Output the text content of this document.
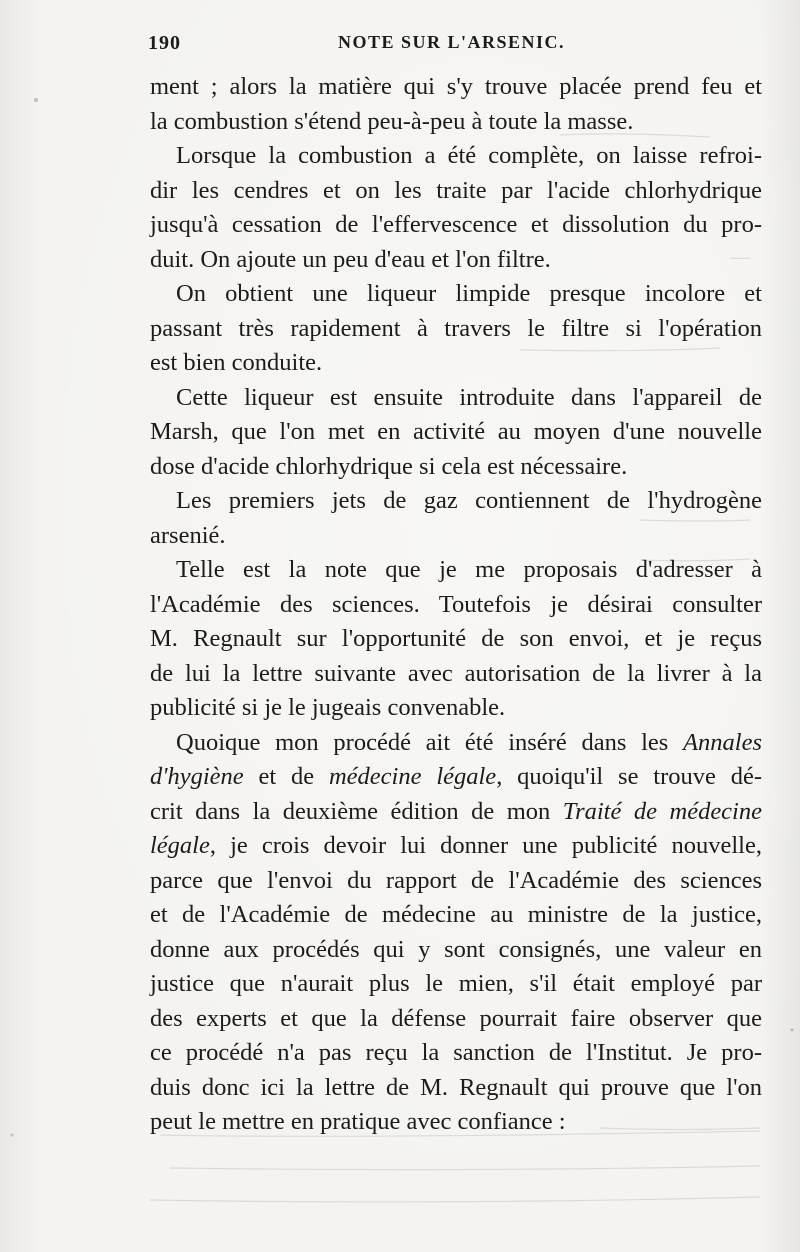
190	NOTE SUR L'ARSENIC.
ment ; alors la matière qui s'y trouve placée prend feu et
la combustion s'étend peu-à-peu à toute la masse.
Lorsque la combustion a été complète, on laisse refroi-
dir les cendres et on les traite par l'acide chlorhydrique
jusqu'à cessation de l'effervescence et dissolution du pro-
duit. On ajoute un peu d'eau et l'on filtre.
On obtient une liqueur limpide presque incolore et
passant très rapidement à travers le filtre si l'opération
est bien conduite.
Cette liqueur est ensuite introduite dans l'appareil de
Marsh, que l'on met en activité au moyen d'une nouvelle
dose d'acide chlorhydrique si cela est nécessaire.
Les premiers jets de gaz contiennent de l'hydrogène
arsenié.
Telle est la note que je me proposais d'adresser à
l'Académie des sciences. Toutefois je désirai consulter
M. Regnault sur l'opportunité de son envoi, et je reçus
de lui la lettre suivante avec autorisation de la livrer à la
publicité si je le jugeais convenable.
Quoique mon procédé ait été inséré dans les Annales
d'hygiène et de médecine légale, quoiqu'il se trouve dé-
crit dans la deuxième édition de mon Traité de médecine
légale, je crois devoir lui donner une publicité nouvelle,
parce que l'envoi du rapport de l'Académie des sciences
et de l'Académie de médecine au ministre de la justice,
donne aux procédés qui y sont consignés, une valeur en
justice que n'aurait plus le mien, s'il était employé par
des experts et que la défense pourrait faire observer que
ce procédé n'a pas reçu la sanction de l'Institut. Je pro-
duis donc ici la lettre de M. Regnault qui prouve que l'on
peut le mettre en pratique avec confiance :
